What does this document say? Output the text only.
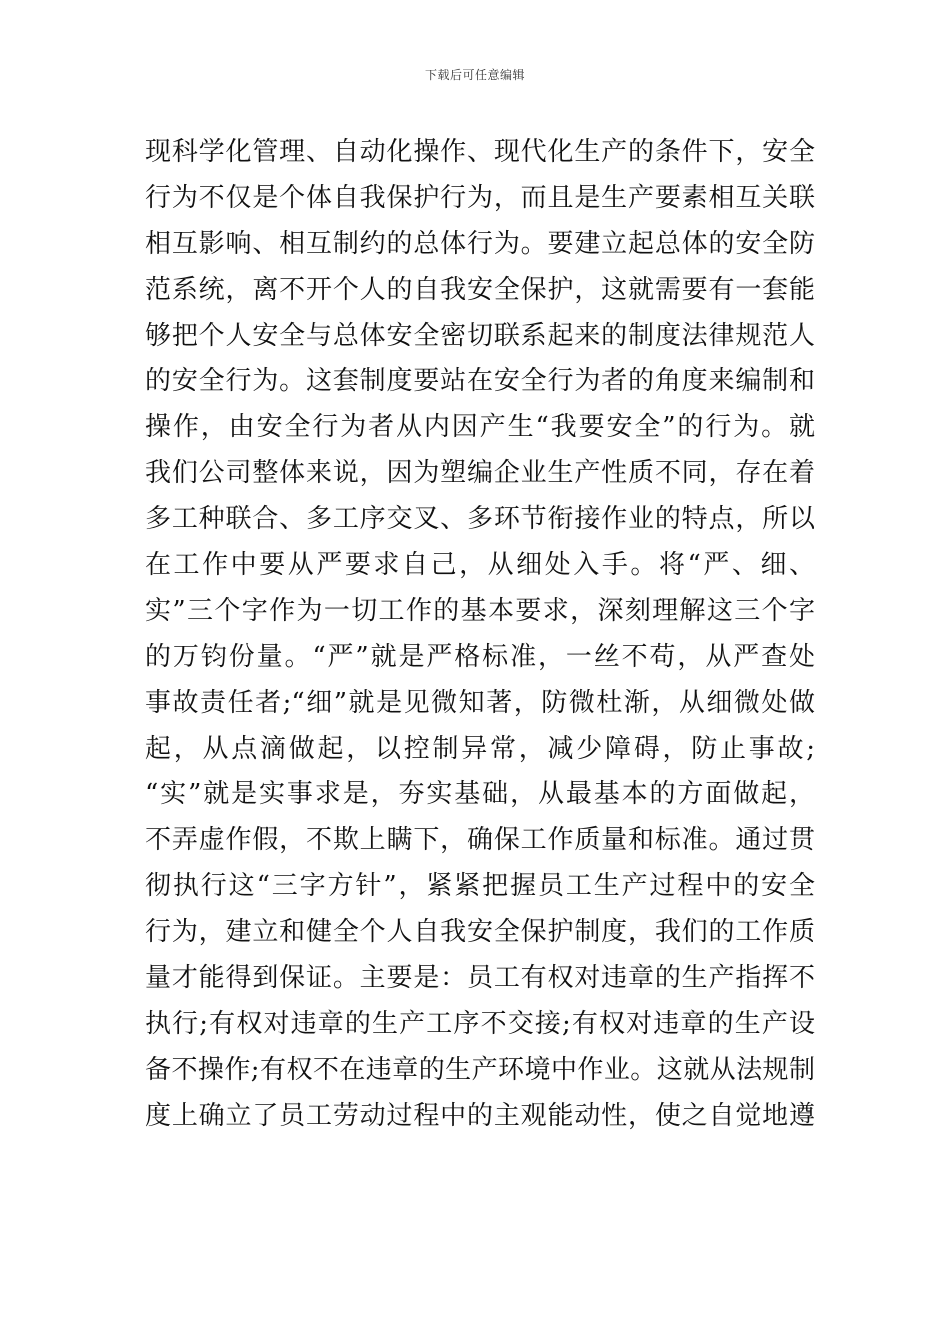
下载后可任意编辑
现科学化管理、自动化操作、现代化生产的条件下，安全
行为不仅是个体自我保护行为，而且是生产要素相互关联
相互影响、相互制约的总体行为。要建立起总体的安全防
范系统，离不开个人的自我安全保护，这就需要有一套能
够把个人安全与总体安全密切联系起来的制度法律规范人
的安全行为。这套制度要站在安全行为者的角度来编制和
操作，由安全行为者从内因产生“我要安全”的行为。就
我们公司整体来说，因为塑编企业生产性质不同，存在着
多工种联合、多工序交叉、多环节衔接作业的特点，所以
在工作中要从严要求自己，从细处入手。将“严、细、
实”三个字作为一切工作的基本要求，深刻理解这三个字
的万钧份量。“严”就是严格标准，一丝不苟，从严查处
事故责任者;“细”就是见微知著，防微杜渐，从细微处做
起，从点滴做起，以控制异常，减少障碍，防止事故;
“实”就是实事求是，夯实基础，从最基本的方面做起，
不弄虚作假，不欺上瞒下，确保工作质量和标准。通过贯
彻执行这“三字方针”，紧紧把握员工生产过程中的安全
行为，建立和健全个人自我安全保护制度，我们的工作质
量才能得到保证。主要是：员工有权对违章的生产指挥不
执行;有权对违章的生产工序不交接;有权对违章的生产设
备不操作;有权不在违章的生产环境中作业。这就从法规制
度上确立了员工劳动过程中的主观能动性，使之自觉地遵
